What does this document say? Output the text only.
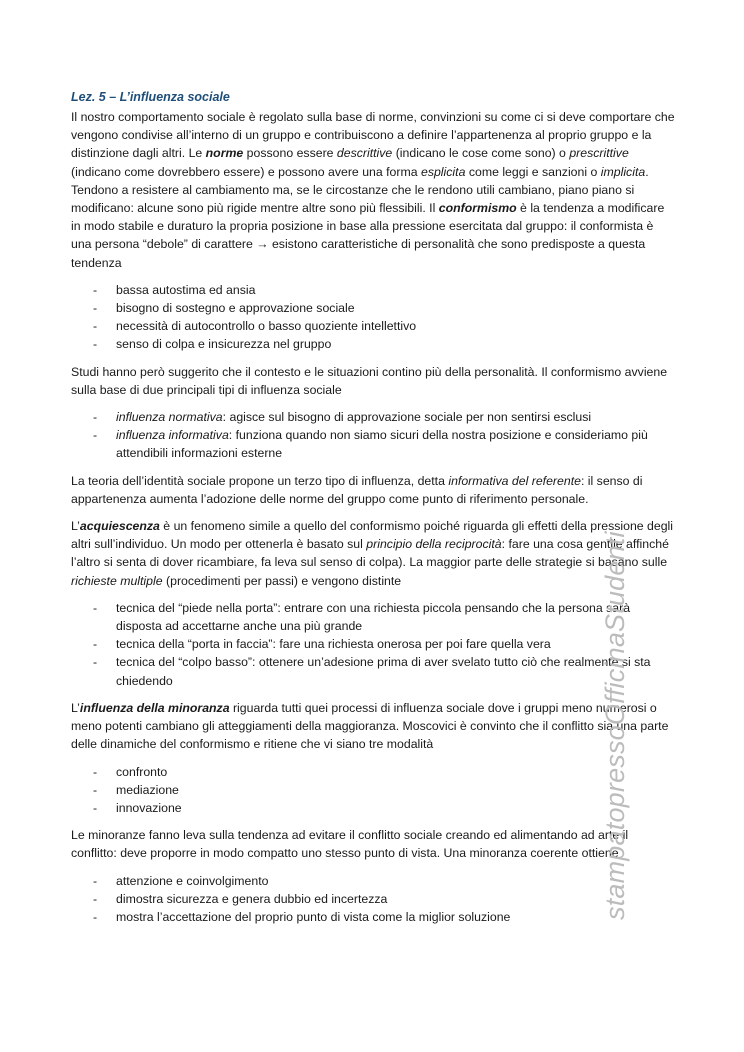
Lez. 5 – L’influenza sociale

Il nostro comportamento sociale è regolato sulla base di norme, convinzioni su come ci si deve comportare che vengono condivise all’interno di un gruppo e contribuiscono a definire l’appartenenza al proprio gruppo e la distinzione dagli altri. Le norme possono essere descrittive (indicano le cose come sono) o prescrittive (indicano come dovrebbero essere) e possono avere una forma esplicita come leggi e sanzioni o implicita. Tendono a resistere al cambiamento ma, se le circostanze che le rendono utili cambiano, piano piano si modificano: alcune sono più rigide mentre altre sono più flessibili. Il conformismo è la tendenza a modificare in modo stabile e duraturo la propria posizione in base alla pressione esercitata dal gruppo: il conformista è una persona “debole” di carattere → esistono caratteristiche di personalità che sono predisposte a questa tendenza

- bassa autostima ed ansia
- bisogno di sostegno e approvazione sociale
- necessità di autocontrollo o basso quoziente intellettivo
- senso di colpa e insicurezza nel gruppo

Studi hanno però suggerito che il contesto e le situazioni contino più della personalità. Il conformismo avviene sulla base di due principali tipi di influenza sociale

- influenza normativa: agisce sul bisogno di approvazione sociale per non sentirsi esclusi
- influenza informativa: funziona quando non siamo sicuri della nostra posizione e consideriamo più attendibili informazioni esterne

La teoria dell’identità sociale propone un terzo tipo di influenza, detta informativa del referente: il senso di appartenenza aumenta l’adozione delle norme del gruppo come punto di riferimento personale.

L’acquiescenza è un fenomeno simile a quello del conformismo poiché riguarda gli effetti della pressione degli altri sull’individuo. Un modo per ottenerla è basato sul principio della reciprocità: fare una cosa gentile affinché l’altro si senta di dover ricambiare, fa leva sul senso di colpa). La maggior parte delle strategie si basano sulle richieste multiple (procedimenti per passi) e vengono distinte

- tecnica del “piede nella porta”: entrare con una richiesta piccola pensando che la persona sarà disposta ad accettarne anche una più grande
- tecnica della “porta in faccia”: fare una richiesta onerosa per poi fare quella vera
- tecnica del “colpo basso”: ottenere un’adesione prima di aver svelato tutto ciò che realmente si sta chiedendo

L’influenza della minoranza riguarda tutti quei processi di influenza sociale dove i gruppi meno numerosi o meno potenti cambiano gli atteggiamenti della maggioranza. Moscovici è convinto che il conflitto sia una parte delle dinamiche del conformismo e ritiene che vi siano tre modalità

- confronto
- mediazione
- innovazione

Le minoranze fanno leva sulla tendenza ad evitare il conflitto sociale creando ed alimentando ad arte il conflitto: deve proporre in modo compatto uno stesso punto di vista. Una minoranza coerente ottiene

- attenzione e coinvolgimento
- dimostra sicurezza e genera dubbio ed incertezza
- mostra l’accettazione del proprio punto di vista come la miglior soluzione	stampatopressoOfficinaStudenti
